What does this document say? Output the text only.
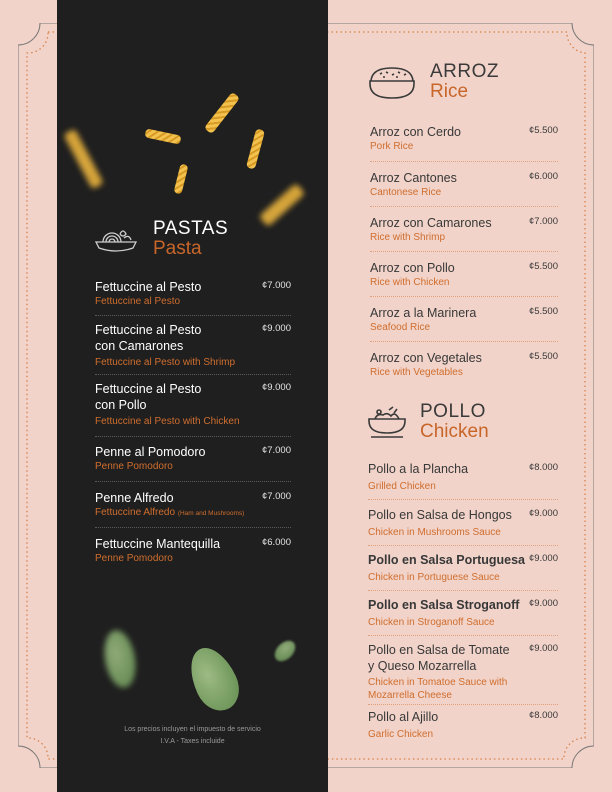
PASTAS
Pasta
Fettuccine al Pesto
Fettuccine al Pesto
¢7.000
Fettuccine al Pesto
con Camarones
Fettuccine al Pesto with Shrimp
¢9.000
Fettuccine al Pesto
con Pollo
Fettuccine al Pesto with Chicken
¢9.000
Penne al Pomodoro
Penne Pomodoro
¢7.000
Penne Alfredo
Fettuccine Alfredo (Ham and Mushrooms)
¢7.000
Fettuccine Mantequilla
Penne Pomodoro
¢6.000
Los precios incluyen el impuesto de servicio
I.V.A - Taxes incluide
ARROZ
Rice
Arroz con Cerdo
Pork Rice
¢5.500
Arroz Cantones
Cantonese Rice
¢6.000
Arroz con Camarones
Rice with Shrimp
¢7.000
Arroz con Pollo
Rice with Chicken
¢5.500
Arroz a la Marinera
Seafood Rice
¢5.500
Arroz con Vegetales
Rice with Vegetables
¢5.500
POLLO
Chicken
Pollo a la Plancha
Grilled Chicken
¢8.000
Pollo en Salsa de Hongos
Chicken in Mushrooms Sauce
¢9.000
Pollo en Salsa Portuguesa
Chicken in Portuguese Sauce
¢9.000
Pollo en Salsa Stroganoff
Chicken in Stroganoff Sauce
¢9.000
Pollo en Salsa de Tomate
y Queso Mozarrella
Chicken in Tomatoe Sauce with
Mozarrella Cheese
¢9.000
Pollo al Ajillo
Garlic Chicken
¢8.000
